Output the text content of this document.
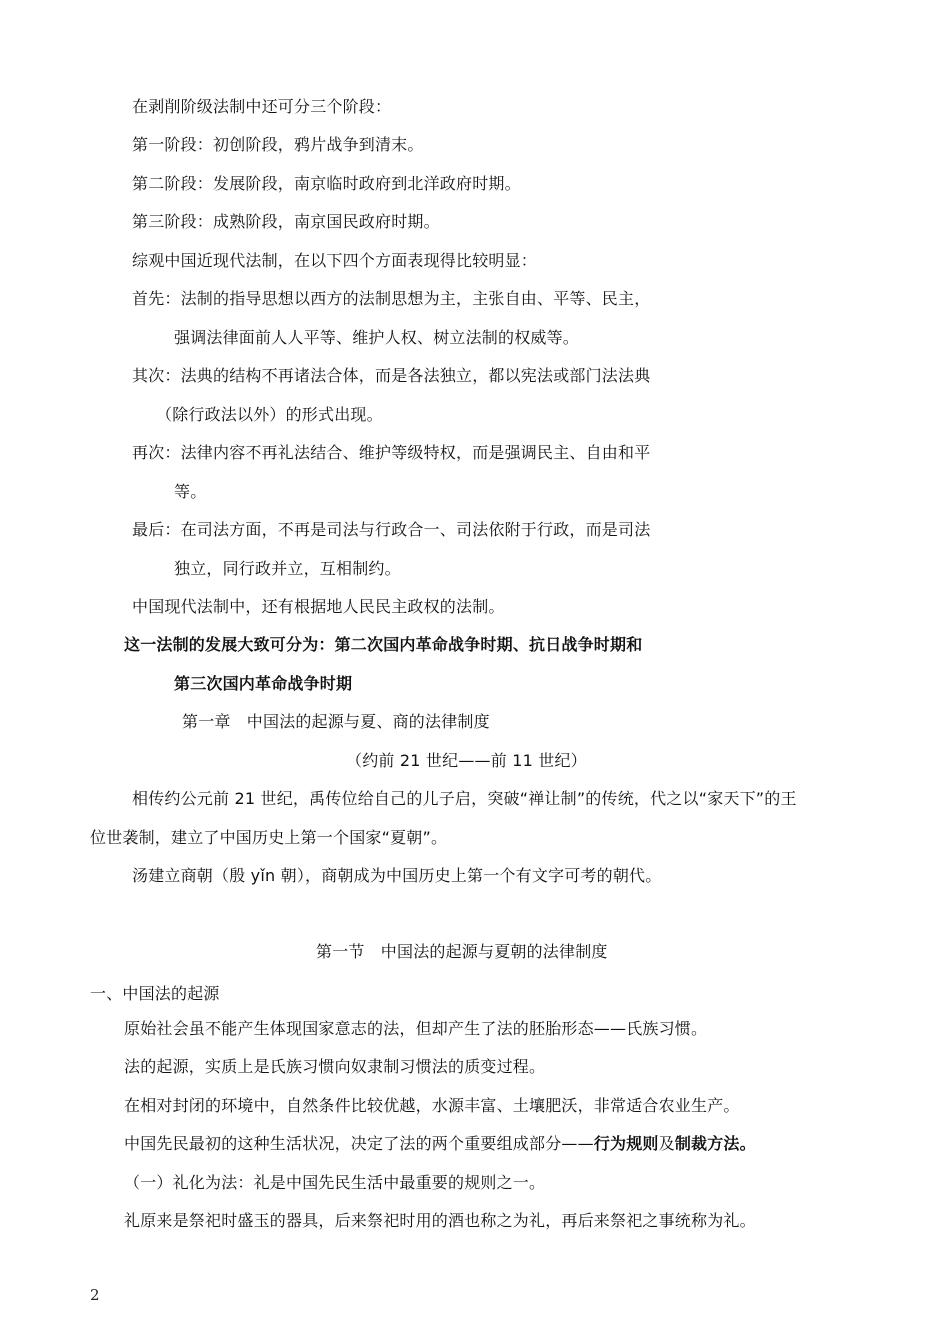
在剥削阶级法制中还可分三个阶段：
第一阶段：初创阶段，鸦片战争到清末。
第二阶段：发展阶段，南京临时政府到北洋政府时期。
第三阶段：成熟阶段，南京国民政府时期。
综观中国近现代法制，在以下四个方面表现得比较明显：
首先：法制的指导思想以西方的法制思想为主，主张自由、平等、民主，
强调法律面前人人平等、维护人权、树立法制的权威等。
其次：法典的结构不再诸法合体，而是各法独立，都以宪法或部门法法典
（除行政法以外）的形式出现。
再次：法律内容不再礼法结合、维护等级特权，而是强调民主、自由和平
等。
最后：在司法方面，不再是司法与行政合一、司法依附于行政，而是司法
独立，同行政并立，互相制约。
中国现代法制中，还有根据地人民民主政权的法制。
这一法制的发展大致可分为：第二次国内革命战争时期、抗日战争时期和
第三次国内革命战争时期
第一章　中国法的起源与夏、商的法律制度
（约前 21 世纪——前 11 世纪）
相传约公元前 21 世纪，禹传位给自己的儿子启，突破“禅让制”的传统，代之以“家天下”的王
位世袭制，建立了中国历史上第一个国家“夏朝”。
汤建立商朝（殷 yǐn 朝），商朝成为中国历史上第一个有文字可考的朝代。
第一节　中国法的起源与夏朝的法律制度
一、中国法的起源
原始社会虽不能产生体现国家意志的法，但却产生了法的胚胎形态——氏族习惯。
法的起源，实质上是氏族习惯向奴隶制习惯法的质变过程。
在相对封闭的环境中，自然条件比较优越，水源丰富、土壤肥沃，非常适合农业生产。
中国先民最初的这种生活状况，决定了法的两个重要组成部分——行为规则及制裁方法。
（一）礼化为法：礼是中国先民生活中最重要的规则之一。
礼原来是祭祀时盛玉的器具，后来祭祀时用的酒也称之为礼，再后来祭祀之事统称为礼。
2
